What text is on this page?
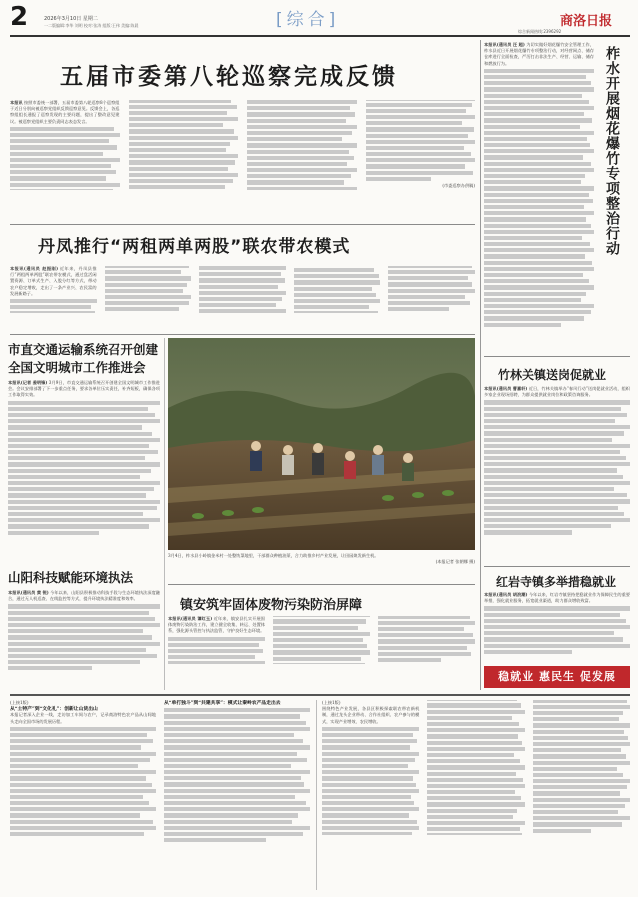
2	2026年3月10日 星期二
一二版编辑:李华 刘明 校对:张涛 组版:王伟 美编:陈晨	[综合]	商洛日报
综合新闻热线:2396292
五届市委第八轮巡察完成反馈
本报讯 按照市委统一部署，五届市委第八轮巡察8个巡察组于近日分别向被巡察党组织反馈巡察意见。反馈会上，各巡察组组长通报了巡察发现的主要问题，提出了整改意见建议。被巡察党组织主要负责同志表态发言。
(市委巡察办供稿)
丹凤推行“两租两单两股”联农带农模式
本报讯(通讯员 赵振刚) 近年来，丹凤县推行“两租两单两股”联农带农模式，通过盘活闲置资源、订单式生产、入股分红等方式，带动农户稳定增收，走出了一条产业兴、农民富的发展新路子。
市直交通运输系统召开创建
全国文明城市工作推进会
本报讯(记者 姜明锋) 3月9日，市直交通运输系统召开创建全国文明城市工作推进会。会议安排部署了下一步重点任务，要求各单位压实责任，补齐短板，确保各项工作取得实效。
山阳科技赋能环境执法
本报讯(通讯员 黄 锐) 今年以来，山阳县积极推动科技手段与生态环境执法深度融合，通过无人机巡查、在线监控等方式，提升环境执法精准度和效率。
3月4日，柞水县小岭镇金米村一处整饬菜地里，干部群众种植油莱，合力助推乡村产业发展，让田园焕发新生机。
(本报记者 张朝娜 摄)
镇安筑牢固体废物污染防治屏障
本报讯(通讯员 谭红玉) 近年来，镇安县扎实开展固体废物污染防治工作，建立健全收集、转运、处置体系，强化源头管控与执法监管，守护良好生态环境。
本报讯(通讯员 汪 超) 为切实做好烟花爆竹安全管理工作，柞水县近日开展烟花爆竹专项整治行动，对经营网点、储存仓库进行全面检查，严厉打击非法生产、经营、运输、储存和燃放行为。	柞水开展烟花爆竹专项整治行动
竹林关镇送岗促就业
本报讯(通讯员 曹嘉轩) 近日，竹林关镇举办“春风行动”送岗促就业活动，组织多家企业现场招聘，为群众提供就业岗位和政策咨询服务。
红岩寺镇多举措稳就业
本报讯(通讯员 胡浪潮) 今年以来，红岩寺镇坚持把稳就业作为保障民生的重要举措，强化就业服务，拓宽就业渠道，助力群众增收致富。
稳就业 惠民生 促发展
(上接1版)
从“土特产”到“文化礼”：创新让山货出山
本报记者深入企业一线，走访加工车间与农户，记录商洛特色农产品从山间地头走向全国市场的发展历程。
从“单打独斗”到“共建共享”：模式让秦岭农产品走出去	(上接1版)
围绕特色产业发展，各县区积极探索联农带农新机制，通过龙头企业带动、合作社组织、农户参与的模式，实现产业增效、农民增收。
